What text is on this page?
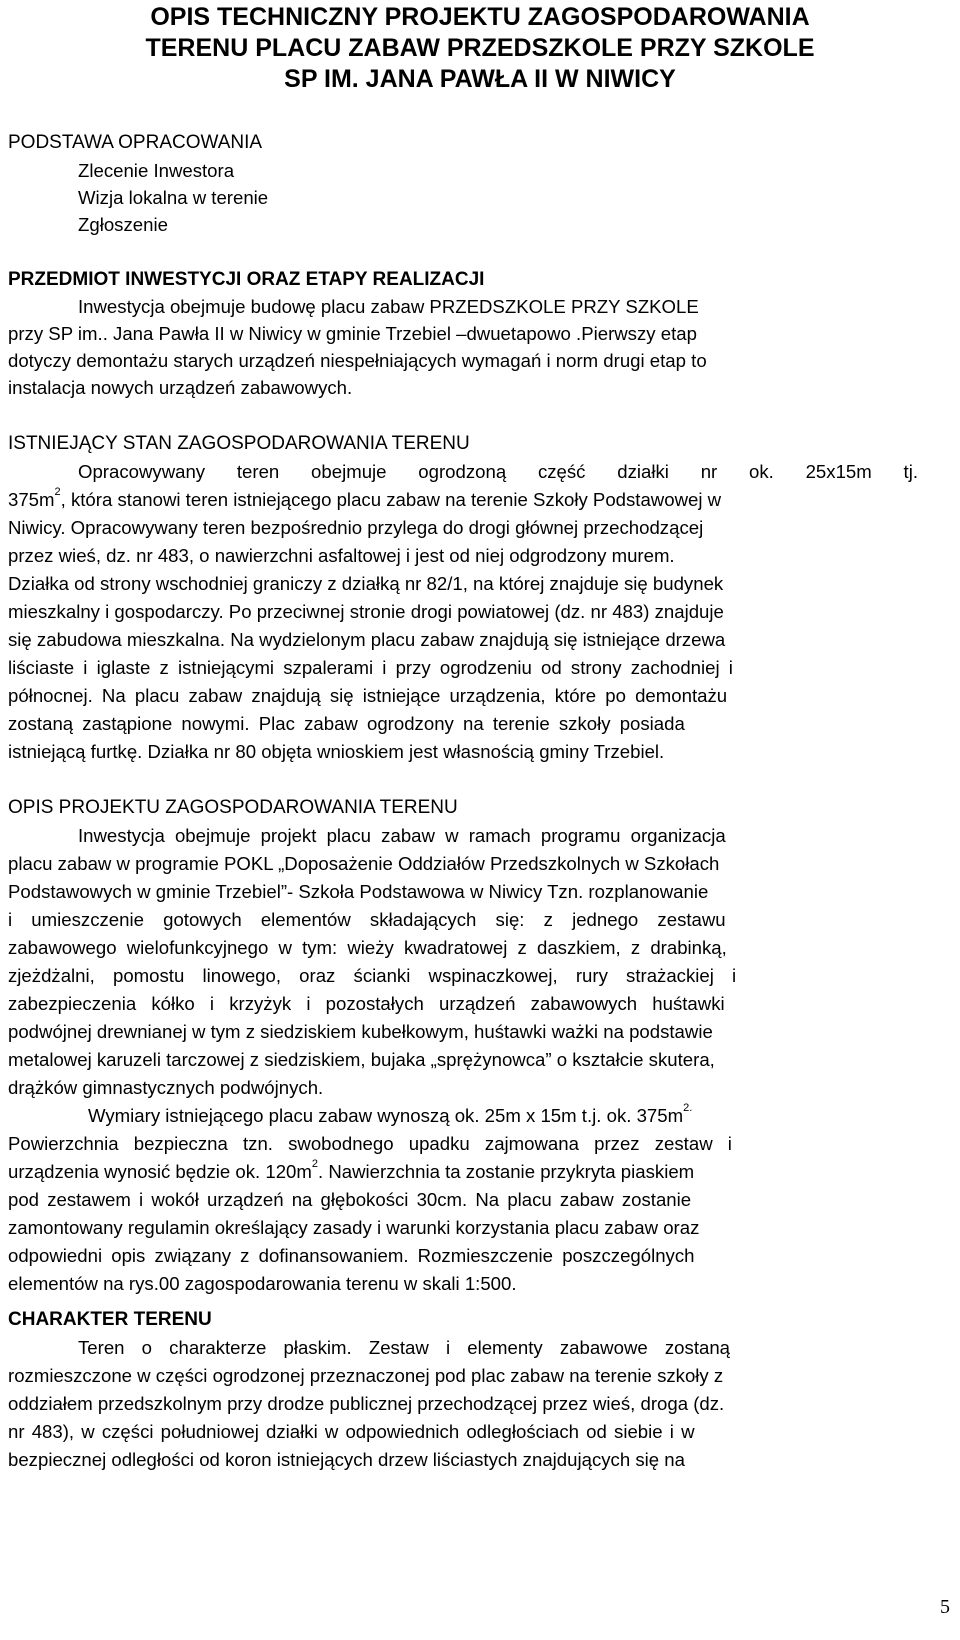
OPIS TECHNICZNY PROJEKTU ZAGOSPODAROWANIA
TERENU PLACU ZABAW PRZEDSZKOLE PRZY SZKOLE
SP IM. JANA PAWŁA II W NIWICY
PODSTAWA OPRACOWANIA
Zlecenie Inwestora
Wizja lokalna w terenie
Zgłoszenie
PRZEDMIOT INWESTYCJI ORAZ ETAPY REALIZACJI
Inwestycja obejmuje budowę placu zabaw PRZEDSZKOLE PRZY SZKOLE
przy SP im.. Jana Pawła II w Niwicy w gminie Trzebiel –dwuetapowo .Pierwszy etap
dotyczy demontażu starych urządzeń niespełniających wymagań i norm drugi etap to
instalacja nowych urządzeń zabawowych.
ISTNIEJĄCY STAN ZAGOSPODAROWANIA TERENU
Opracowywany teren obejmuje ogrodzoną część działki nr ok. 25x15m tj.
$375m^2$, która stanowi teren istniejącego placu zabaw na terenie Szkoły Podstawowej w
Niwicy. Opracowywany teren bezpośrednio przylega do drogi głównej przechodzącej
przez wieś, dz. nr 483, o nawierzchni asfaltowej i jest od niej odgrodzony murem.
Działka od strony wschodniej graniczy z działką nr 82/1, na której znajduje się budynek
mieszkalny i gospodarczy. Po przeciwnej stronie drogi powiatowej (dz. nr 483) znajduje
się zabudowa mieszkalna. Na wydzielonym placu zabaw znajdują się istniejące drzewa
liściaste i iglaste z istniejącymi szpalerami i przy ogrodzeniu od strony zachodniej i
północnej. Na placu zabaw znajdują się istniejące urządzenia, które po demontażu
zostaną zastąpione nowymi. Plac zabaw ogrodzony na terenie szkoły posiada
istniejącą furtkę. Działka nr 80 objęta wnioskiem jest własnością gminy Trzebiel.
OPIS PROJEKTU ZAGOSPODAROWANIA TERENU
Inwestycja obejmuje projekt placu zabaw w ramach programu organizacja
placu zabaw w programie POKL „Doposażenie Oddziałów Przedszkolnych w Szkołach
Podstawowych w gminie Trzebiel”- Szkoła Podstawowa w Niwicy Tzn. rozplanowanie
i umieszczenie gotowych elementów składających się: z jednego zestawu
zabawowego wielofunkcyjnego w tym: wieży kwadratowej z daszkiem, z drabinką,
zjeżdżalni, pomostu linowego, oraz ścianki wspinaczkowej, rury strażackiej i
zabezpieczenia kółko i krzyżyk i pozostałych urządzeń zabawowych huśtawki
podwójnej drewnianej w tym z siedziskiem kubełkowym, huśtawki ważki na podstawie
metalowej karuzeli tarczowej z siedziskiem, bujaka „sprężynowca” o kształcie skutera,
drążków gimnastycznych podwójnych.
Wymiary istniejącego placu zabaw wynoszą ok. 25m x 15m t.j. ok. $375m^{2.}$
Powierzchnia bezpieczna tzn. swobodnego upadku zajmowana przez zestaw i
urządzenia wynosić będzie ok. $120m^2$. Nawierzchnia ta zostanie przykryta piaskiem
pod zestawem i wokół urządzeń na głębokości 30cm. Na placu zabaw zostanie
zamontowany regulamin określający zasady i warunki korzystania placu zabaw oraz
odpowiedni opis związany z dofinansowaniem. Rozmieszczenie poszczególnych
elementów na rys.00 zagospodarowania terenu w skali 1:500.
CHARAKTER TERENU
Teren o charakterze płaskim. Zestaw i elementy zabawowe zostaną
rozmieszczone w części ogrodzonej przeznaczonej pod plac zabaw na terenie szkoły z
oddziałem przedszkolnym przy drodze publicznej przechodzącej przez wieś, droga (dz.
nr 483), w części południowej działki w odpowiednich odległościach od siebie i w
bezpiecznej odległości od koron istniejących drzew liściastych znajdujących się na
5
